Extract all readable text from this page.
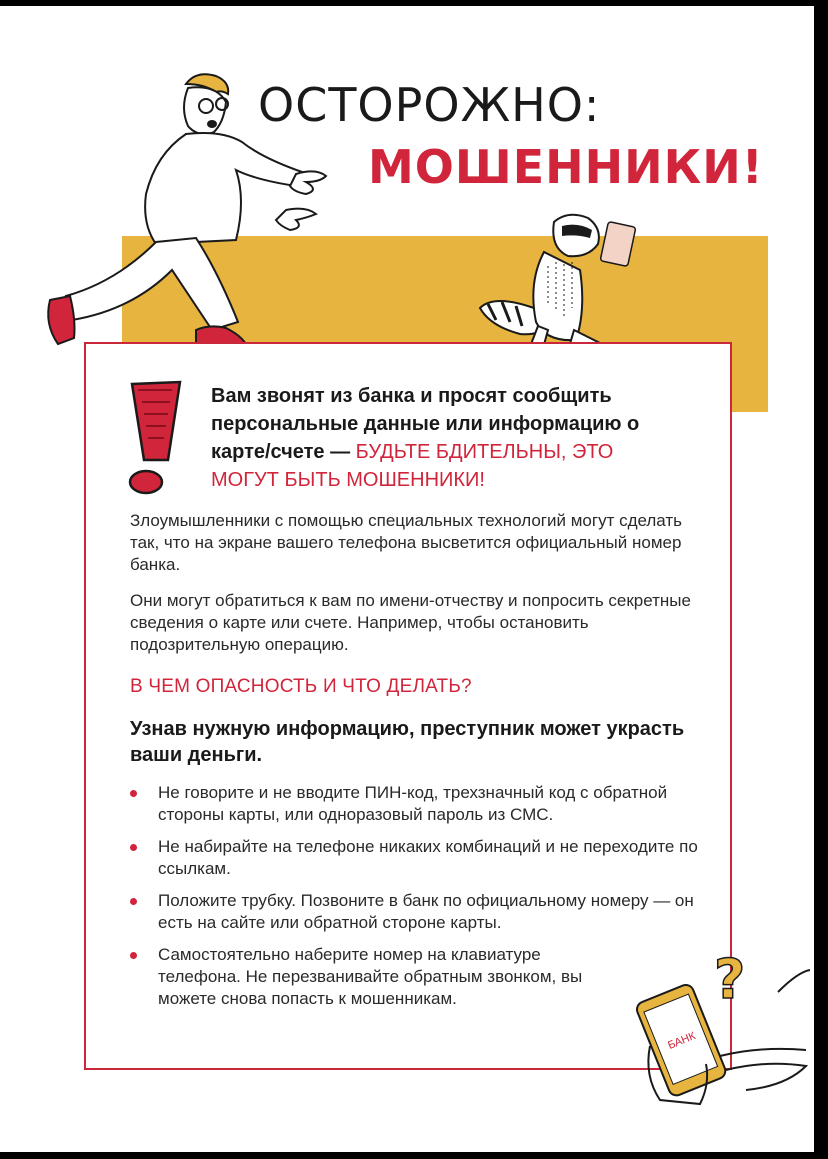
ОСТОРОЖНО:
МОШЕННИКИ!
Вам звонят из банка и просят сообщить персональные данные или информацию о карте/счете — БУДЬТЕ БДИТЕЛЬНЫ, ЭТО МОГУТ БЫТЬ МОШЕННИКИ!
Злоумышленники с помощью специальных технологий могут сделать так, что на экране вашего телефона высветится официальный номер банка.
Они могут обратиться к вам по имени-отчеству и попросить секретные сведения о карте или счете. Например, чтобы остановить подозрительную операцию.
В ЧЕМ ОПАСНОСТЬ И ЧТО ДЕЛАТЬ?
Узнав нужную информацию, преступник может украсть ваши деньги.
Не говорите и не вводите ПИН-код, трехзначный код с обратной стороны карты, или одноразовый пароль из СМС.
Не набирайте на телефоне никаких комбинаций и не переходите по ссылкам.
Положите трубку. Позвоните в банк по официальному номеру — он есть на сайте или обратной стороне карты.
Самостоятельно наберите номер на клавиатуре телефона. Не перезванивайте обратным звонком, вы можете снова попасть к мошенникам.	?
БАНК
